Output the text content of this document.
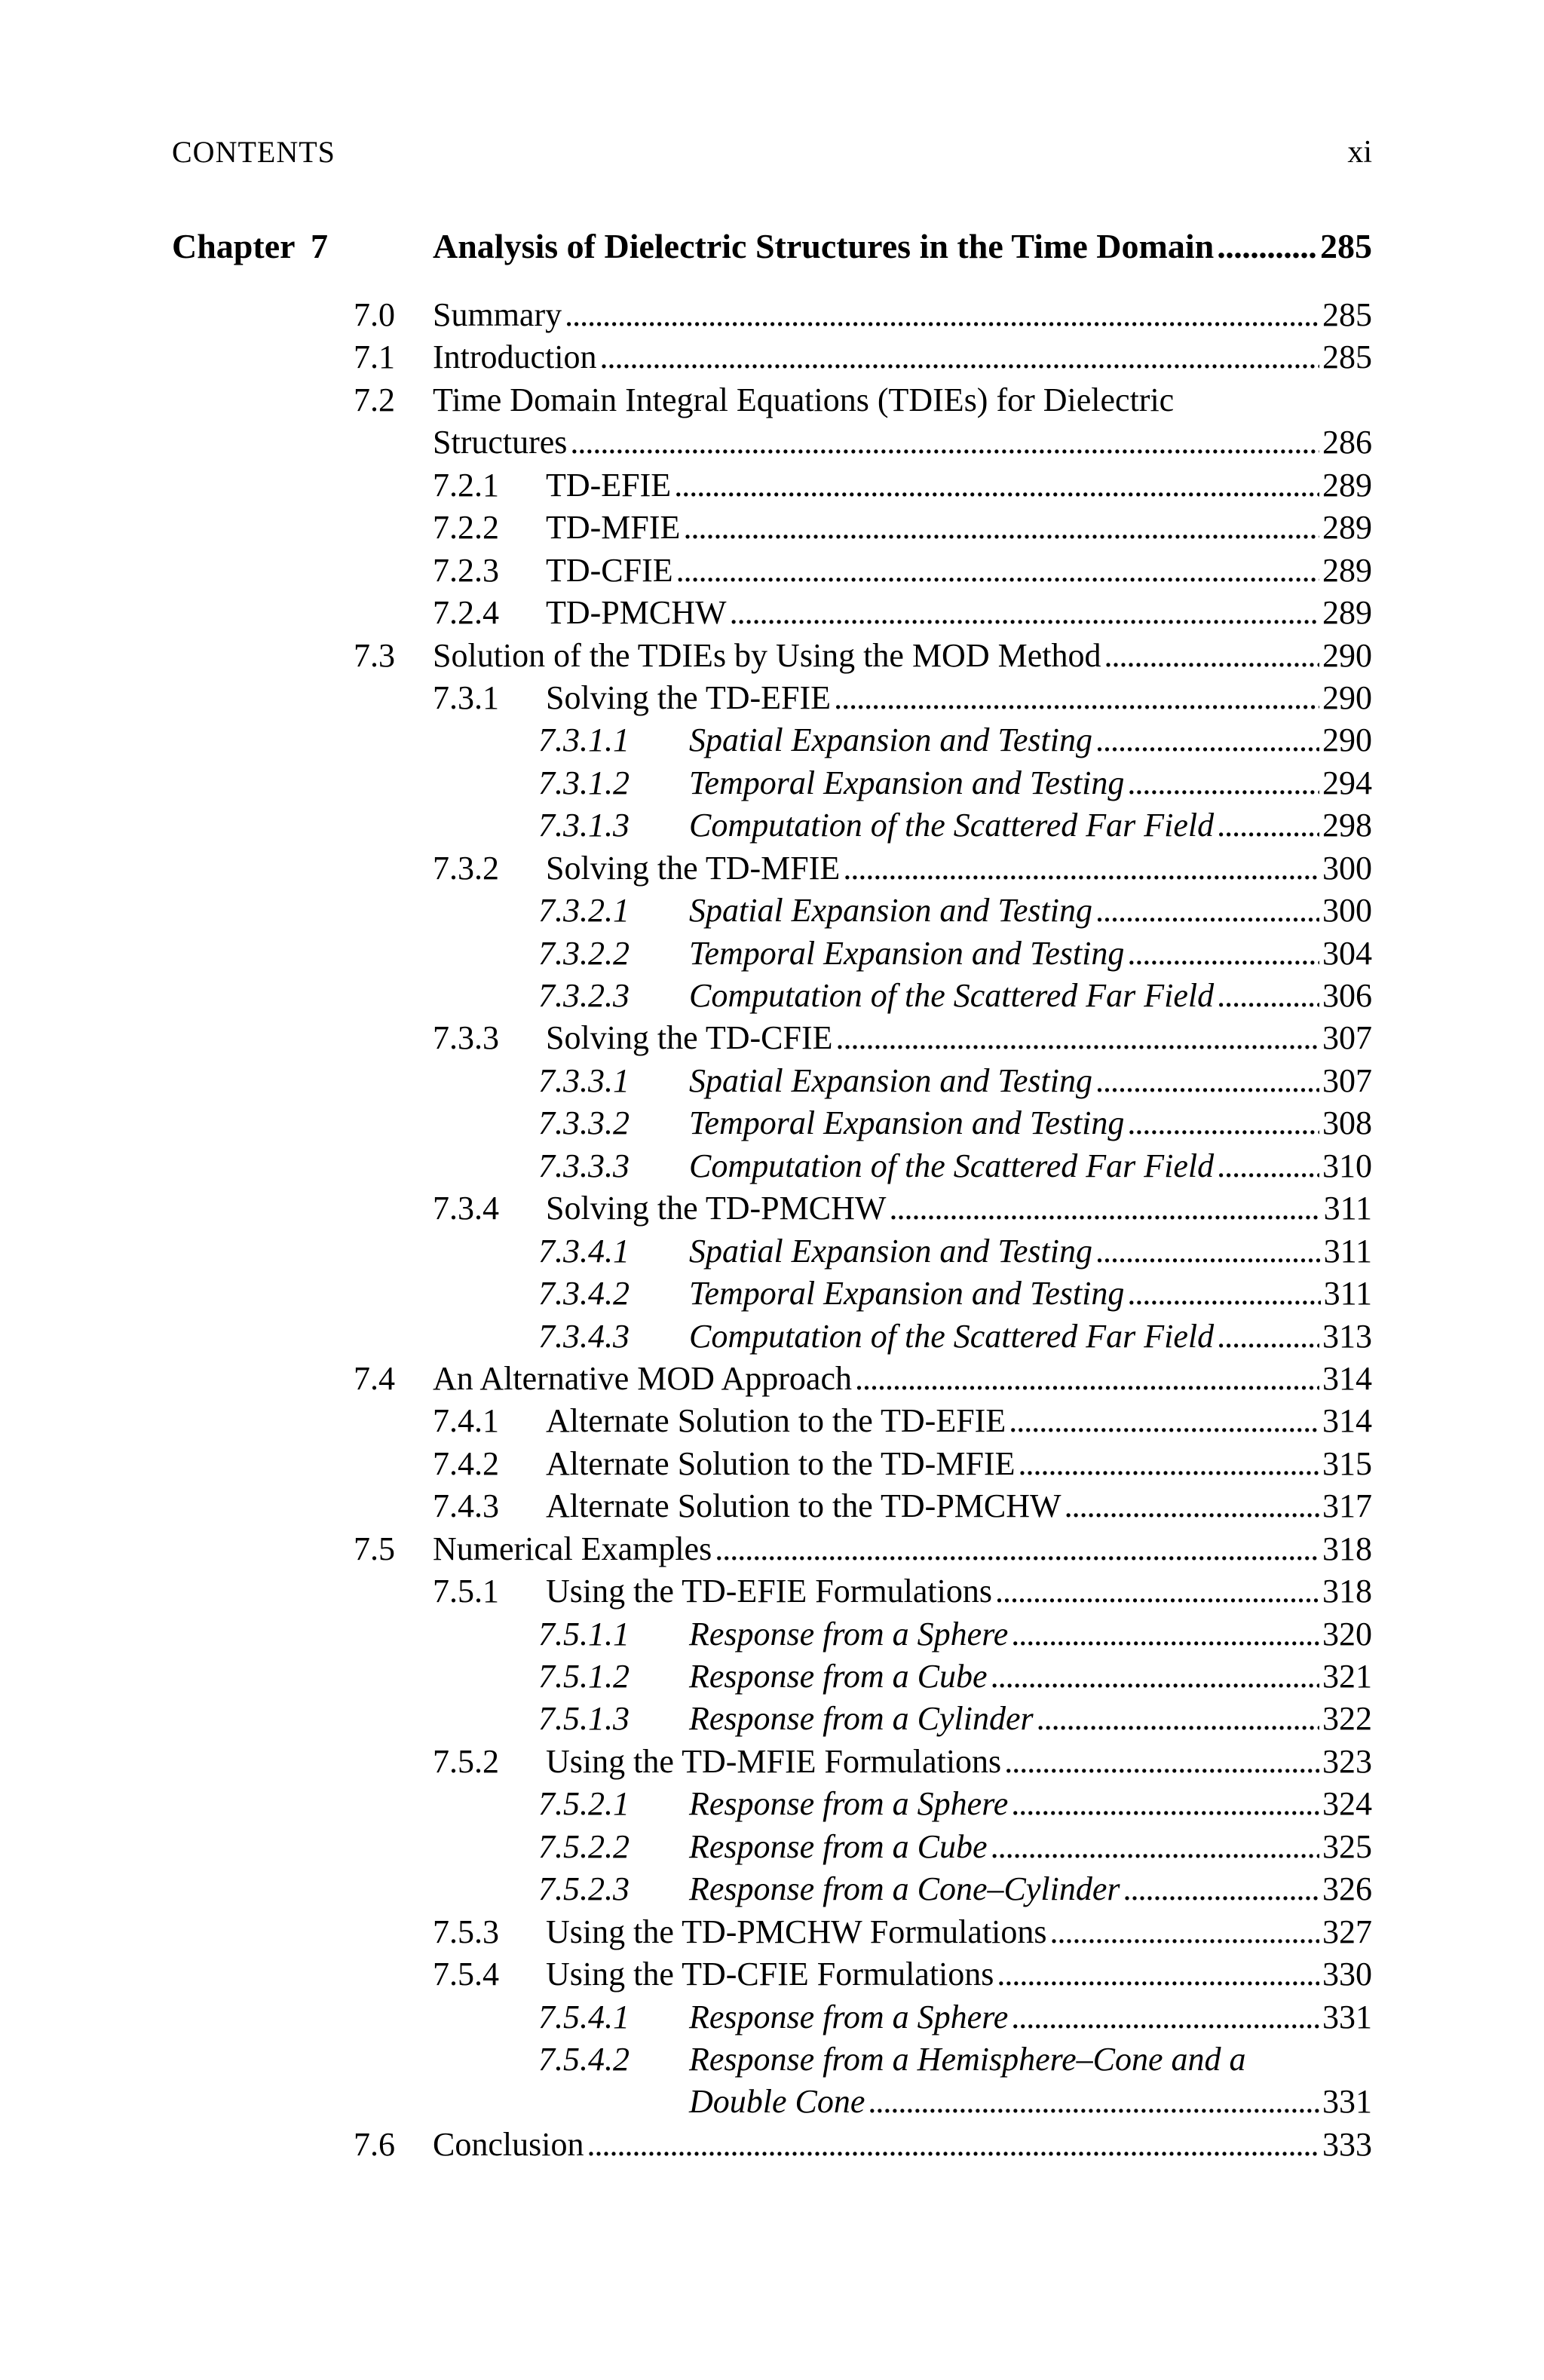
CONTENTS	xi
Chapter 7	Analysis of Dielectric Structures in the Time Domain . . .	285
7.0 Summary . . .	285
7.1 Introduction . . .	285
7.2 Time Domain Integral Equations (TDIEs) for Dielectric
Structures . . .	286
7.2.1 TD-EFIE . . .	289
7.2.2 TD-MFIE . . .	289
7.2.3 TD-CFIE . . .	289
7.2.4 TD-PMCHW . . .	289
7.3 Solution of the TDIEs by Using the MOD Method . . .	290
7.3.1 Solving the TD-EFIE . . .	290
7.3.1.1 Spatial Expansion and Testing . . .	290
7.3.1.2 Temporal Expansion and Testing . . .	294
7.3.1.3 Computation of the Scattered Far Field . . .	298
7.3.2 Solving the TD-MFIE . . .	300
7.3.2.1 Spatial Expansion and Testing . . .	300
7.3.2.2 Temporal Expansion and Testing . . .	304
7.3.2.3 Computation of the Scattered Far Field . . .	306
7.3.3 Solving the TD-CFIE . . .	307
7.3.3.1 Spatial Expansion and Testing . . .	307
7.3.3.2 Temporal Expansion and Testing . . .	308
7.3.3.3 Computation of the Scattered Far Field . . .	310
7.3.4 Solving the TD-PMCHW . . .	311
7.3.4.1 Spatial Expansion and Testing . . .	311
7.3.4.2 Temporal Expansion and Testing . . .	311
7.3.4.3 Computation of the Scattered Far Field . . .	313
7.4 An Alternative MOD Approach . . .	314
7.4.1 Alternate Solution to the TD-EFIE . . .	314
7.4.2 Alternate Solution to the TD-MFIE . . .	315
7.4.3 Alternate Solution to the TD-PMCHW . . .	317
7.5 Numerical Examples . . .	318
7.5.1 Using the TD-EFIE Formulations . . .	318
7.5.1.1 Response from a Sphere . . .	320
7.5.1.2 Response from a Cube . . .	321
7.5.1.3 Response from a Cylinder . . .	322
7.5.2 Using the TD-MFIE Formulations . . .	323
7.5.2.1 Response from a Sphere . . .	324
7.5.2.2 Response from a Cube . . .	325
7.5.2.3 Response from a Cone–Cylinder . . .	326
7.5.3 Using the TD-PMCHW Formulations . . .	327
7.5.4 Using the TD-CFIE Formulations . . .	330
7.5.4.1 Response from a Sphere . . .	331
7.5.4.2 Response from a Hemisphere–Cone and a
Double Cone . . .	331
7.6 Conclusion . . .	333
